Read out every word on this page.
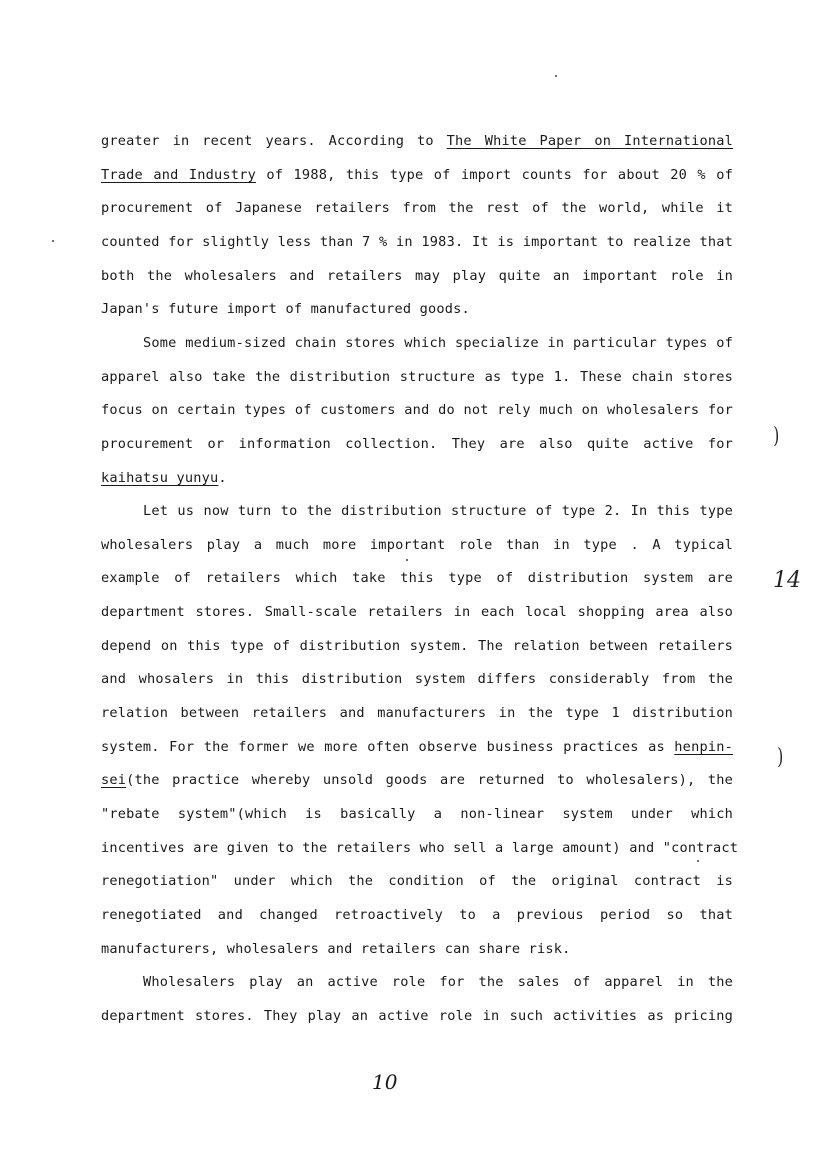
greater in recent years. According to The White Paper on International
Trade and Industry of 1988, this type of import counts for about 20 % of
procurement of Japanese retailers from the rest of the world, while it
counted for slightly less than 7 % in 1983. It is important to realize that
both the wholesalers and retailers may play quite an important role in
Japan's future import of manufactured goods.
Some medium-sized chain stores which specialize in particular types of
apparel also take the distribution structure as type 1. These chain stores
focus on certain types of customers and do not rely much on wholesalers for
procurement or information collection. They are also quite active for
kaihatsu yunyu.
Let us now turn to the distribution structure of type 2. In this type
wholesalers play a much more important role than in type . A typical
example of retailers which take this type of distribution system are
department stores. Small-scale retailers in each local shopping area also
depend on this type of distribution system. The relation between retailers
and whosalers in this distribution system differs considerably from the
relation between retailers and manufacturers in the type 1 distribution
system. For the former we more often observe business practices as henpin-
sei(the practice whereby unsold goods are returned to wholesalers), the
"rebate system"(which is basically a non-linear system under which
incentives are given to the retailers who sell a large amount) and "contract
renegotiation" under which the condition of the original contract is
renegotiated and changed retroactively to a previous period so that
manufacturers, wholesalers and retailers can share risk.
Wholesalers play an active role for the sales of apparel in the
department stores. They play an active role in such activities as pricing
)
14
)
10
